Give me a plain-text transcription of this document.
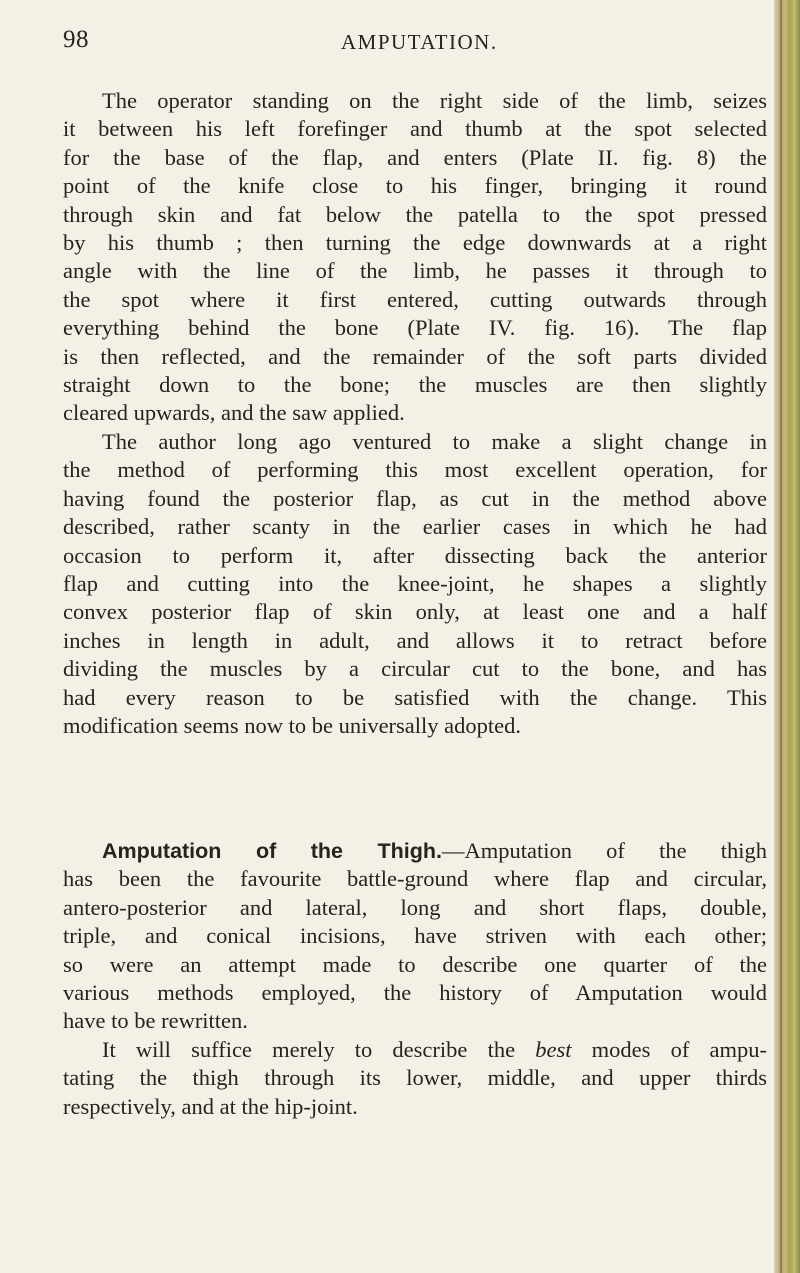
98	AMPUTATION.
The operator standing on the right side of the limb, seizes
it between his left forefinger and thumb at the spot selected
for the base of the flap, and enters (Plate II. fig. 8) the
point of the knife close to his finger, bringing it round
through skin and fat below the patella to the spot pressed
by his thumb ; then turning the edge downwards at a right
angle with the line of the limb, he passes it through to
the spot where it first entered, cutting outwards through
everything behind the bone (Plate IV. fig. 16). The flap
is then reflected, and the remainder of the soft parts divided
straight down to the bone; the muscles are then slightly
cleared upwards, and the saw applied.
The author long ago ventured to make a slight change in
the method of performing this most excellent operation, for
having found the posterior flap, as cut in the method above
described, rather scanty in the earlier cases in which he had
occasion to perform it, after dissecting back the anterior
flap and cutting into the knee-joint, he shapes a slightly
convex posterior flap of skin only, at least one and a half
inches in length in adult, and allows it to retract before
dividing the muscles by a circular cut to the bone, and has
had every reason to be satisfied with the change. This
modification seems now to be universally adopted.
Amputation of the Thigh.—Amputation of the thigh
has been the favourite battle-ground where flap and circular,
antero-posterior and lateral, long and short flaps, double,
triple, and conical incisions, have striven with each other;
so were an attempt made to describe one quarter of the
various methods employed, the history of Amputation would
have to be rewritten.
It will suffice merely to describe the best modes of ampu-
tating the thigh through its lower, middle, and upper thirds
respectively, and at the hip-joint.
